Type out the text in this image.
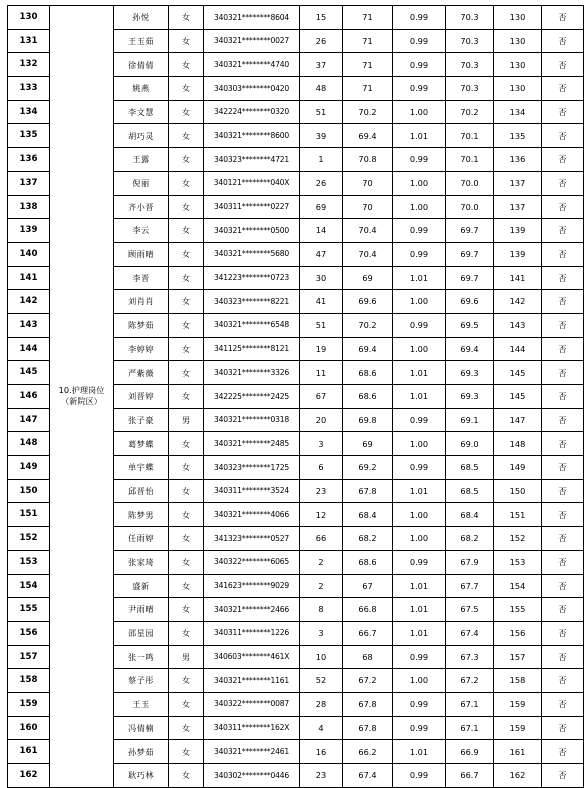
130	10.护理岗位（新院区）	孙悦	女	340321********8604	15	71	0.99	70.3	130	否
131		王玉茹	女	340321********0027	26	71	0.99	70.3	130	否
132		徐倩倩	女	340321********4740	37	71	0.99	70.3	130	否
133		姚燕	女	340303********0420	48	71	0.99	70.3	130	否
134		李文慧	女	342224********0320	51	70.2	1.00	70.2	134	否
135		胡巧灵	女	340321********8600	39	69.4	1.01	70.1	135	否
136		王露	女	340323********4721	1	70.8	0.99	70.1	136	否
137		倪丽	女	340121********040X	26	70	1.00	70.0	137	否
138		齐小晋	女	340311********0227	69	70	1.00	70.0	137	否
139		李云	女	340321********0500	14	70.4	0.99	69.7	139	否
140		顾雨晴	女	340321********5680	47	70.4	0.99	69.7	139	否
141		李晋	女	341223********0723	30	69	1.01	69.7	141	否
142		刘肖肖	女	340323********8221	41	69.6	1.00	69.6	142	否
143		陈梦茹	女	340321********6548	51	70.2	0.99	69.5	143	否
144		李婷婷	女	341125********8121	19	69.4	1.00	69.4	144	否
145		严紫薇	女	340321********3326	11	68.6	1.01	69.3	145	否
146		刘晋婷	女	342225********2425	67	68.6	1.01	69.3	145	否
147		张子豪	男	340321********0318	20	69.8	0.99	69.1	147	否
148		葛梦蝶	女	340321********2485	3	69	1.00	69.0	148	否
149		单宇蝶	女	340323********1725	6	69.2	0.99	68.5	149	否
150		邱晋怡	女	340311********3524	23	67.8	1.01	68.5	150	否
151		陈梦男	女	340321********4066	12	68.4	1.00	68.4	151	否
152		任雨婷	女	341323********0527	66	68.2	1.00	68.2	152	否
153		张家琦	女	340322********6065	2	68.6	0.99	67.9	153	否
154		盛新	女	341623********9029	2	67	1.01	67.7	154	否
155		尹雨晴	女	340321********2466	8	66.8	1.01	67.5	155	否
156		邵星园	女	340311********1226	3	66.7	1.01	67.4	156	否
157		张一鸣	男	340603********461X	10	68	0.99	67.3	157	否
158		蔡子彤	女	340321********1161	52	67.2	1.00	67.2	158	否
159		王玉	女	340322********0087	28	67.8	0.99	67.1	159	否
160		冯倩楠	女	340311********162X	4	67.8	0.99	67.1	159	否
161		孙梦茹	女	340321********2461	16	66.2	1.01	66.9	161	否
162		耿巧林	女	340302********0446	23	67.4	0.99	66.7	162	否
